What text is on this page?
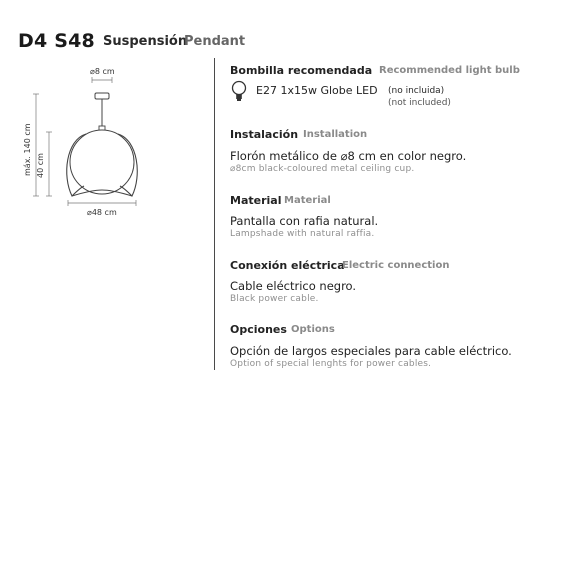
D4 S48 Suspensión
Pendant
⌀8 cm
máx. 140 cm 40 cm
⌀48 cm
Bombilla recomendada Recommended light bulb
E27 1x15w Globe LED (no incluida)
(not included)
Instalación Installation
Florón metálico de ⌀8 cm en color negro.
⌀8cm black-coloured metal ceiling cup.
Material Material
Pantalla con rafia natural.
Lampshade with natural raffia.
Conexión eléctrica
Electric connection
Cable eléctrico negro.
Black power cable.
Opciones Options
Opción de largos especiales para cable eléctrico.
Option of special lenghts for power cables.
